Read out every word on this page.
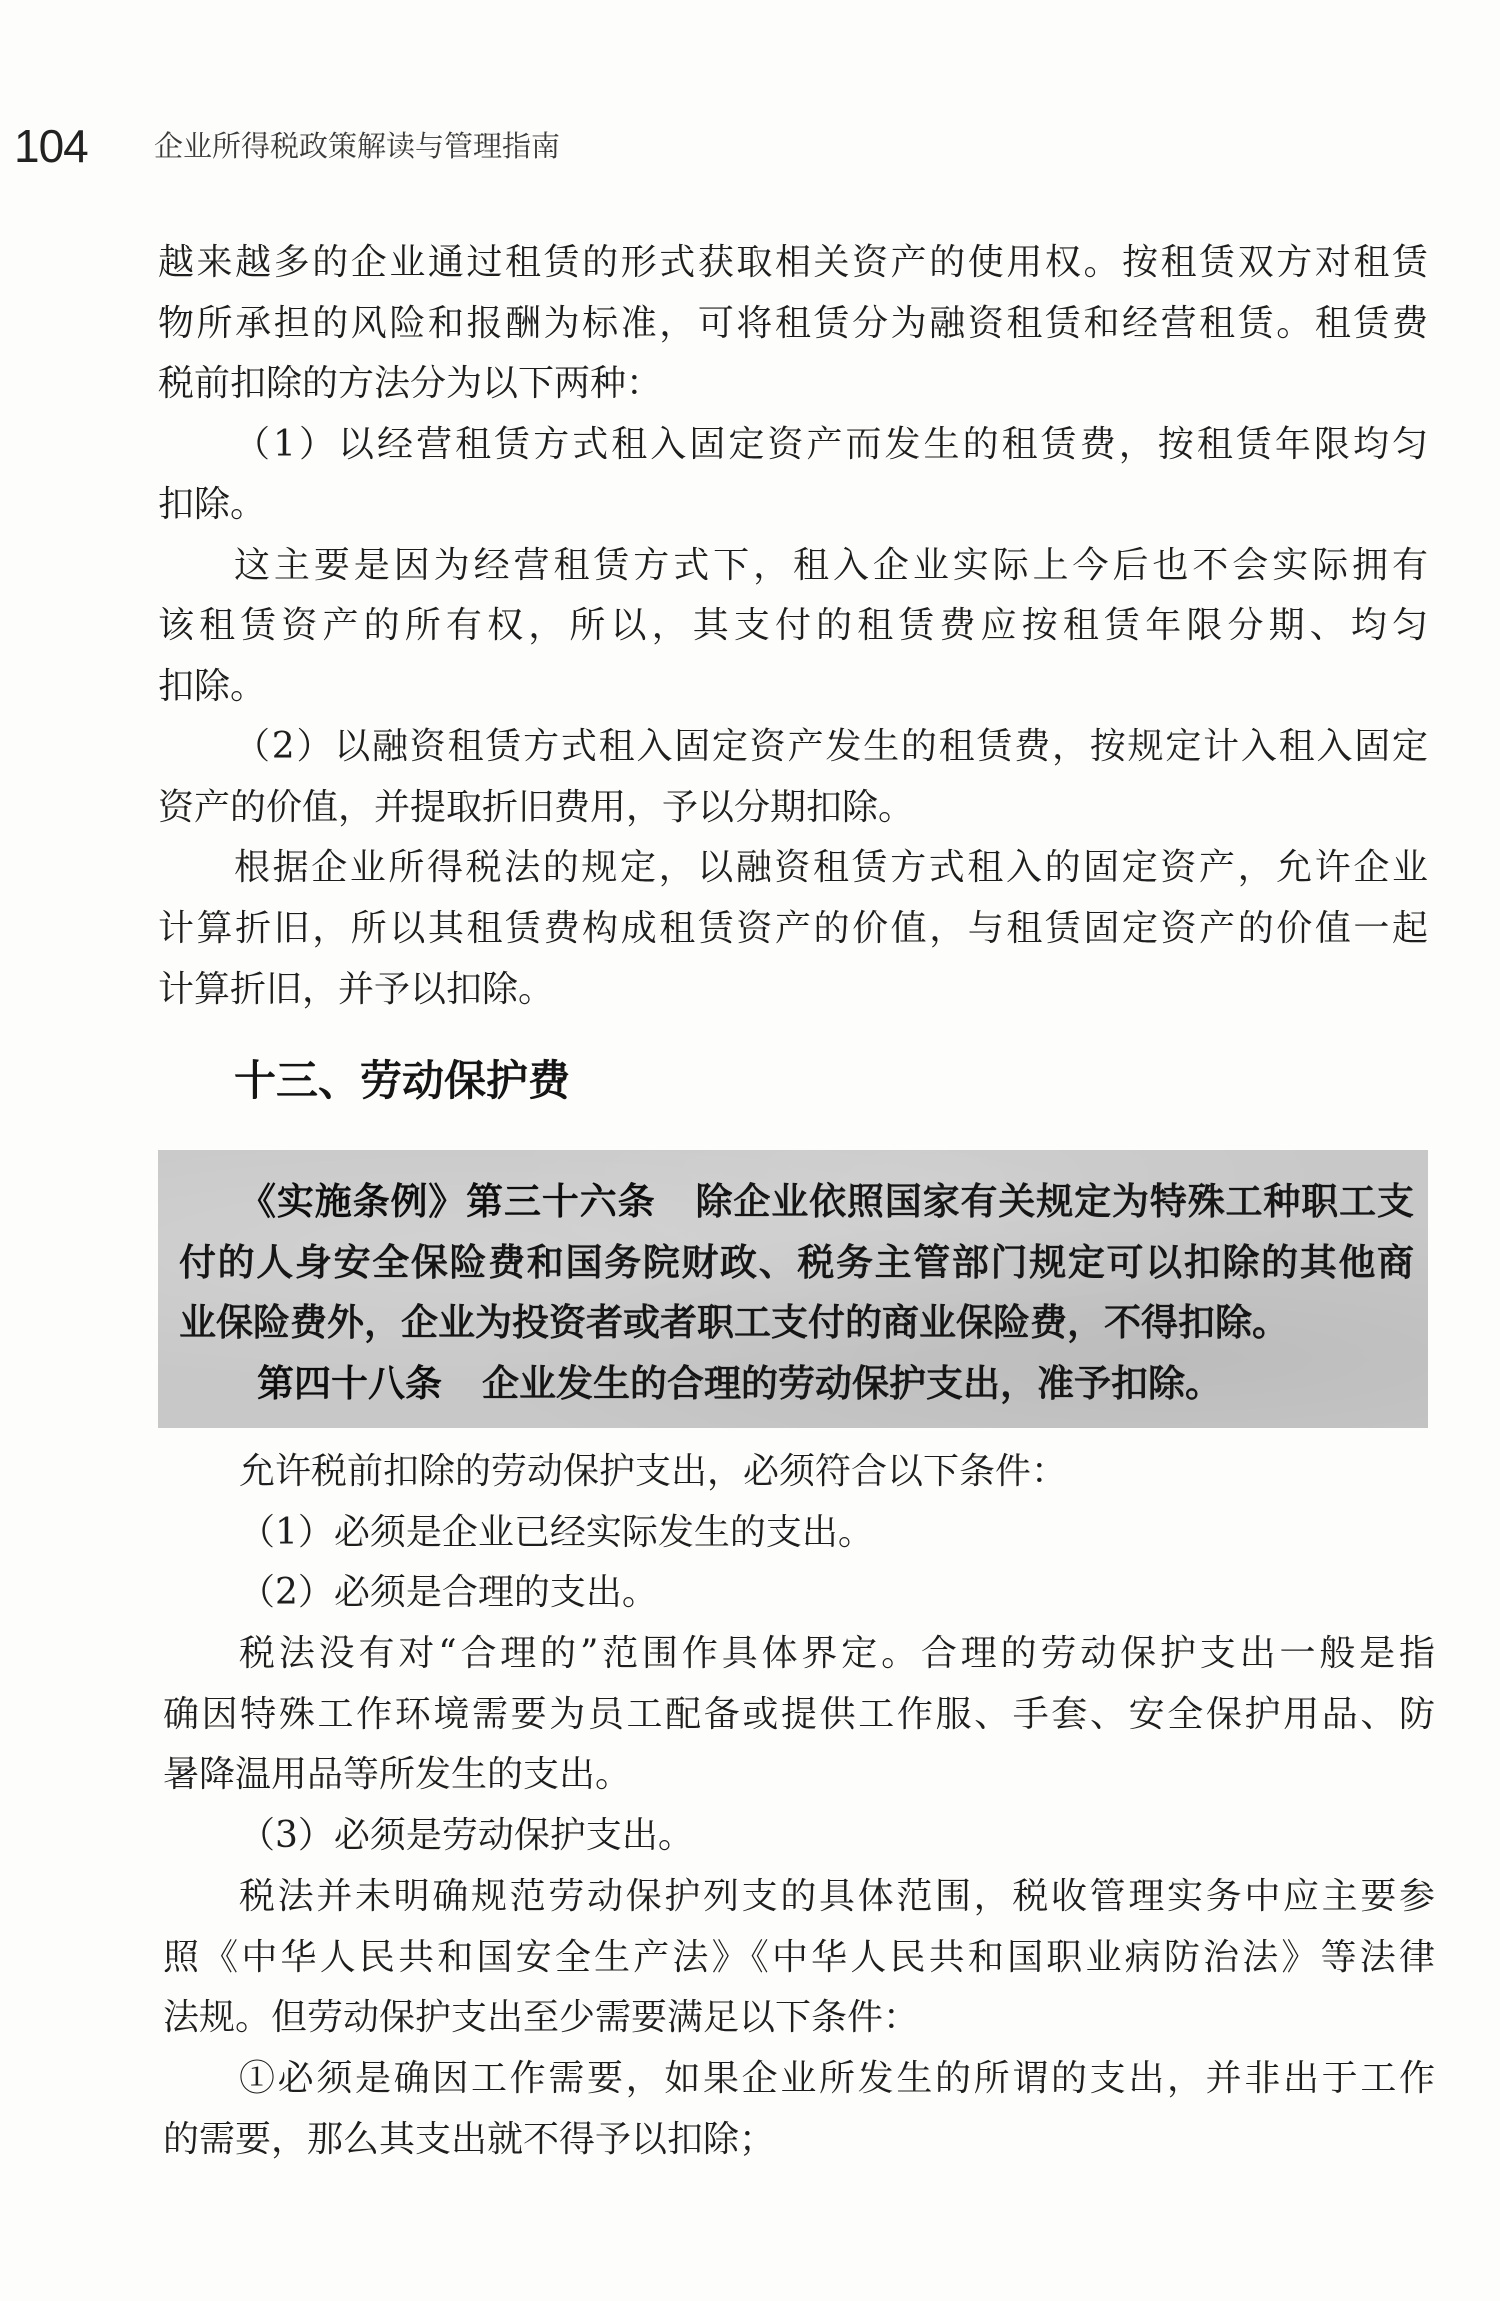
104 企业所得税政策解读与管理指南
越来越多的企业通过租赁的形式获取相关资产的使用权。按租赁双方对租赁
物所承担的风险和报酬为标准，可将租赁分为融资租赁和经营租赁。租赁费
税前扣除的方法分为以下两种：
（1）以经营租赁方式租入固定资产而发生的租赁费，按租赁年限均匀
扣除。
这主要是因为经营租赁方式下，租入企业实际上今后也不会实际拥有
该租赁资产的所有权，所以，其支付的租赁费应按租赁年限分期、均匀
扣除。
（2）以融资租赁方式租入固定资产发生的租赁费，按规定计入租入固定
资产的价值，并提取折旧费用，予以分期扣除。
根据企业所得税法的规定，以融资租赁方式租入的固定资产，允许企业
计算折旧，所以其租赁费构成租赁资产的价值，与租赁固定资产的价值一起
计算折旧，并予以扣除。
十三、劳动保护费
《实施条例》第三十六条 除企业依照国家有关规定为特殊工种职工支
付的人身安全保险费和国务院财政、税务主管部门规定可以扣除的其他商
业保险费外，企业为投资者或者职工支付的商业保险费，不得扣除。
第四十八条 企业发生的合理的劳动保护支出，准予扣除。
允许税前扣除的劳动保护支出，必须符合以下条件：
（1）必须是企业已经实际发生的支出。
（2）必须是合理的支出。
税法没有对“合理的”范围作具体界定。合理的劳动保护支出一般是指
确因特殊工作环境需要为员工配备或提供工作服、手套、安全保护用品、防
暑降温用品等所发生的支出。
（3）必须是劳动保护支出。
税法并未明确规范劳动保护列支的具体范围，税收管理实务中应主要参
照《中华人民共和国安全生产法》《中华人民共和国职业病防治法》等法律
法规。但劳动保护支出至少需要满足以下条件：
①必须是确因工作需要，如果企业所发生的所谓的支出，并非出于工作
的需要，那么其支出就不得予以扣除；
